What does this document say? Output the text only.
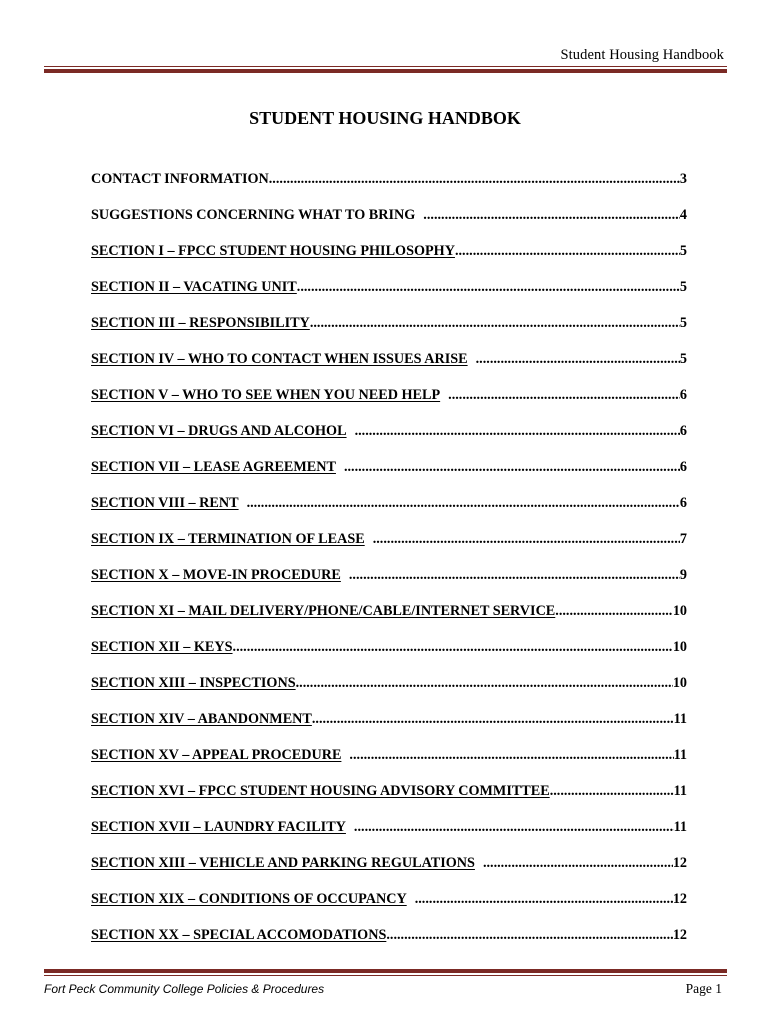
Student Housing Handbook
STUDENT HOUSING HANDBOK
CONTACT INFORMATION .....	3
SUGGESTIONS CONCERNING WHAT TO BRING .....	4
SECTION I – FPCC STUDENT HOUSING PHILOSOPHY .....	5
SECTION II – VACATING UNIT .....	5
SECTION III – RESPONSIBILITY .....	5
SECTION IV – WHO TO CONTACT WHEN ISSUES ARISE .....	5
SECTION V – WHO TO SEE WHEN YOU NEED HELP .....	6
SECTION VI – DRUGS AND ALCOHOL .....	6
SECTION VII – LEASE AGREEMENT .....	6
SECTION VIII – RENT .....	6
SECTION IX – TERMINATION OF LEASE .....	7
SECTION X – MOVE-IN PROCEDURE .....	9
SECTION XI – MAIL DELIVERY/PHONE/CABLE/INTERNET SERVICE .....	10
SECTION XII – KEYS .....	10
SECTION XIII – INSPECTIONS .....	10
SECTION XIV – ABANDONMENT .....	11
SECTION XV – APPEAL PROCEDURE .....	11
SECTION XVI – FPCC STUDENT HOUSING ADVISORY COMMITTEE .....	11
SECTION XVII – LAUNDRY FACILITY .....	11
SECTION XIII – VEHICLE AND PARKING REGULATIONS .....	12
SECTION XIX – CONDITIONS OF OCCUPANCY .....	12
SECTION XX – SPECIAL ACCOMODATIONS .....	12
Fort Peck Community College Policies & Procedures	Page 1
